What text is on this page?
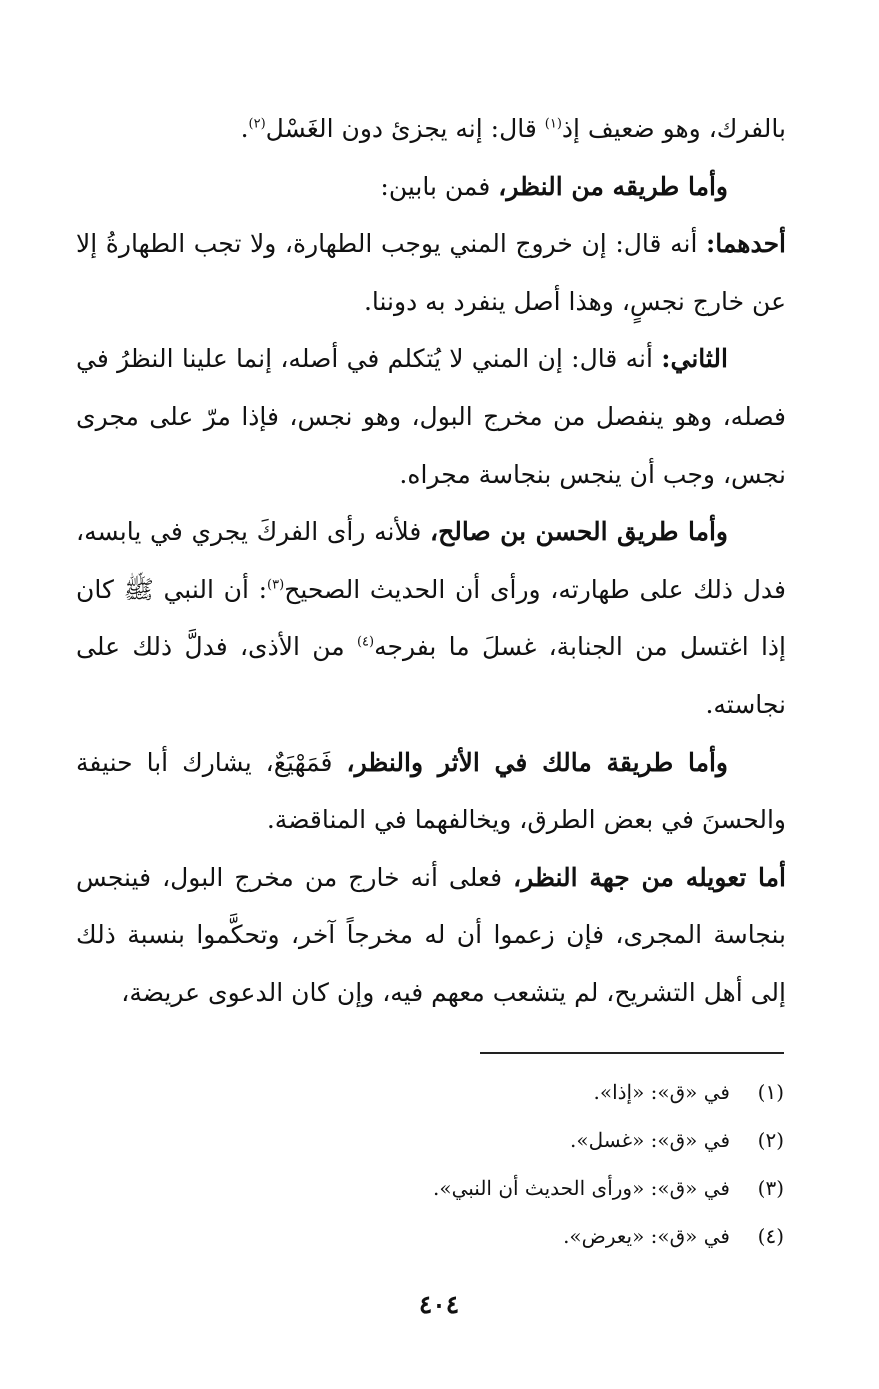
بالفرك، وهو ضعيف إذ$^{(١)}$ قال: إنه يجزئ دون الغَسْل$^{(٢)}$.

وأما طريقه من النظر، فمن بابين:

أحدهما: أنه قال: إن خروج المني يوجب الطهارة، ولا تجب الطهارةُ إلا عن خارج نجسٍ، وهذا أصل ينفرد به دوننا.

الثاني: أنه قال: إن المني لا يُتكلم في أصله، إنما علينا النظرُ في فصله، وهو ينفصل من مخرج البول، وهو نجس، فإذا مرّ على مجرى نجس، وجب أن ينجس بنجاسة مجراه.

وأما طريق الحسن بن صالح، فلأنه رأى الفركَ يجري في يابسه، فدل ذلك على طهارته، ورأى أن الحديث الصحيح$^{(٣)}$: أن النبي ﷺ كان إذا اغتسل من الجنابة، غسلَ ما بفرجه$^{(٤)}$ من الأذى، فدلَّ ذلك على نجاسته.

وأما طريقة مالك في الأثر والنظر، فَمَهْيَعٌ، يشارك أبا حنيفة والحسنَ في بعض الطرق، ويخالفهما في المناقضة.

أما تعويله من جهة النظر، فعلى أنه خارج من مخرج البول، فينجس بنجاسة المجرى، فإن زعموا أن له مخرجاً آخر، وتحكَّموا بنسبة ذلك إلى أهل التشريح، لم يتشعب معهم فيه، وإن كان الدعوى عريضة،

( ١ )في «ق»: «إذا».
( ٢ )في «ق»: «غسل».
( ٣ )في «ق»: «ورأى الحديث أن النبي».
( ٤ )في «ق»: «يعرض».
٤٠٤
